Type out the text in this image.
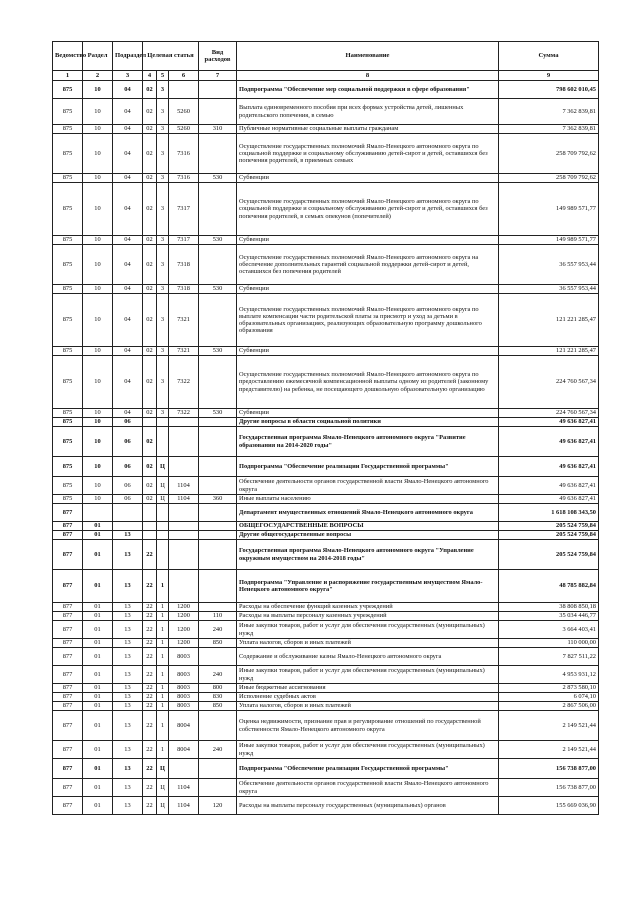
Ведомство	Раздел	Подраздел	Целевая статья			Вид расходов	Наименование	Сумма
1	2	3	4	5	6	7	8	9
875	10	04	02	3			Подпрограмма "Обеспечение мер социальной поддержки в сфере образования"	798 602 010,45
875	10	04	02	3	5260		Выплата единовременного пособия при всех формах устройства детей, лишенных родительского попечения, в семью	7 362 839,81
875	10	04	02	3	5260	310	Публичные нормативные социальные выплаты гражданам	7 362 839,81
875	10	04	02	3	7316		Осуществление государственных полномочий Ямало-Ненецкого автономного округа по социальной поддержке и социальному обслуживанию детей-сирот и детей, оставшихся без попечения родителей, в приемных семьях	258 709 792,62
875	10	04	02	3	7316	530	Субвенции	258 709 792,62
875	10	04	02	3	7317		Осуществление государственных полномочий Ямало-Ненецкого автономного округа по социальной поддержке и социальному обслуживанию детей-сирот и детей, оставшихся без попечения родителей, в семьях опекунов (попечителей)	149 989 571,77
875	10	04	02	3	7317	530	Субвенции	149 989 571,77
875	10	04	02	3	7318		Осуществление государственных полномочий Ямало-Ненецкого автономного округа на обеспечение дополнительных гарантий социальной поддержки детей-сирот и детей, оставшихся без попечения родителей	36 557 953,44
875	10	04	02	3	7318	530	Субвенции	36 557 953,44
875	10	04	02	3	7321		Осуществление государственных полномочий Ямало-Ненецкого автономного округа по выплате компенсации части родительской платы за присмотр и уход за детьми в образовательных организациях, реализующих образовательную программу дошкольного образования	121 221 285,47
875	10	04	02	3	7321	530	Субвенции	121 221 285,47
875	10	04	02	3	7322		Осуществление государственных полномочий Ямало-Ненецкого автономного округа по предоставлению ежемесячной компенсационной выплаты одному из родителей (законному представителю) на ребенка, не посещающего дошкольную образовательную организацию	224 760 567,34
875	10	04	02	3	7322	530	Субвенции	224 760 567,34
875	10	06					Другие вопросы в области социальной политики	49 636 827,41
875	10	06	02				Государственная программа Ямало-Ненецкого автономного округа "Развитие образования на 2014-2020 годы"	49 636 827,41
875	10	06	02	Ц			Подпрограмма "Обеспечение реализации Государственной программы"	49 636 827,41
875	10	06	02	Ц	1104		Обеспечение деятельности органов государственной власти Ямало-Ненецкого автономного округа	49 636 827,41
875	10	06	02	Ц	1104	360	Иные выплаты населению	49 636 827,41
877							Департамент имущественных отношений Ямало-Ненецкого автономного округа	1 618 108 343,50
877	01						ОБЩЕГОСУДАРСТВЕННЫЕ ВОПРОСЫ	205 524 759,84
877	01	13					Другие общегосударственные вопросы	205 524 759,84
877	01	13	22				Государственная программа Ямало-Ненецкого автономного округа "Управление окружным имуществом на 2014-2018 годы"	205 524 759,84
877	01	13	22	1			Подпрограмма "Управление и распоряжение государственным имуществом Ямало-Ненецкого автономного округа"	48 785 882,84
877	01	13	22	1	1200		Расходы на обеспечение функций казенных учреждений	38 808 850,18
877	01	13	22	1	1200	110	Расходы на выплаты персоналу казенных учреждений	35 034 446,77
877	01	13	22	1	1200	240	Иные закупки товаров, работ и услуг для обеспечения государственных (муниципальных) нужд	3 664 403,41
877	01	13	22	1	1200	850	Уплата налогов, сборов и иных платежей	110 000,00
877	01	13	22	1	8003		Содержание и обслуживание казны Ямало-Ненецкого автономного округа	7 827 511,22
877	01	13	22	1	8003	240	Иные закупки товаров, работ и услуг для обеспечения государственных (муниципальных) нужд	4 953 931,12
877	01	13	22	1	8003	800	Иные бюджетные ассигнования	2 873 580,10
877	01	13	22	1	8003	830	Исполнение судебных актов	6 074,10
877	01	13	22	1	8003	850	Уплата налогов, сборов и иных платежей	2 867 506,00
877	01	13	22	1	8004		Оценка недвижимости, признание прав и регулирование отношений по государственной собственности Ямало-Ненецкого автономного округа	2 149 521,44
877	01	13	22	1	8004	240	Иные закупки товаров, работ и услуг для обеспечения государственных (муниципальных) нужд	2 149 521,44
877	01	13	22	Ц			Подпрограмма "Обеспечение реализации Государственной программы"	156 738 877,00
877	01	13	22	Ц	1104		Обеспечение деятельности органов государственной власти Ямало-Ненецкого автономного округа	156 738 877,00
877	01	13	22	Ц	1104	120	Расходы на выплаты персоналу государственных (муниципальных) органов	155 669 036,90
